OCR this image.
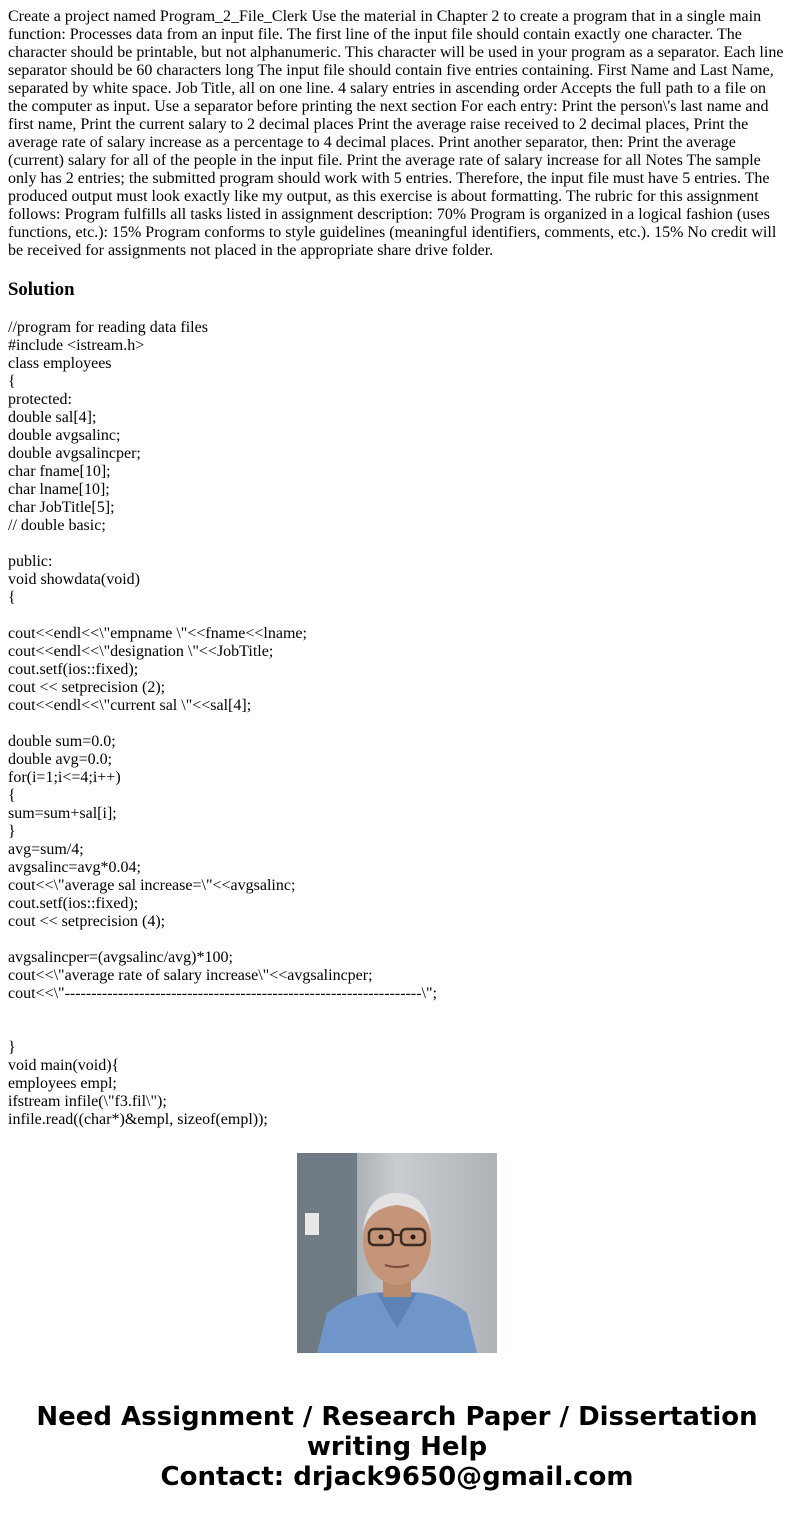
Create a project named Program_2_File_Clerk Use the material in Chapter 2 to create a program that in a single main function: Processes data from an input file. The first line of the input file should contain exactly one character. The character should be printable, but not alphanumeric. This character will be used in your program as a separator. Each line separator should be 60 characters long The input file should contain five entries containing. First Name and Last Name, separated by white space. Job Title, all on one line. 4 salary entries in ascending order Accepts the full path to a file on the computer as input. Use a separator before printing the next section For each entry: Print the person\'s last name and first name, Print the current salary to 2 decimal places Print the average raise received to 2 decimal places, Print the average rate of salary increase as a percentage to 4 decimal places. Print another separator, then: Print the average (current) salary for all of the people in the input file. Print the average rate of salary increase for all Notes The sample only has 2 entries; the submitted program should work with 5 entries. Therefore, the input file must have 5 entries. The produced output must look exactly like my output, as this exercise is about formatting. The rubric for this assignment follows: Program fulfills all tasks listed in assignment description: 70% Program is organized in a logical fashion (uses functions, etc.): 15% Program conforms to style guidelines (meaningful identifiers, comments, etc.). 15% No credit will be received for assignments not placed in the appropriate share drive folder.

Solution
//program for reading data files
#include <istream.h>
class employees
{
protected:
double sal[4];
double avgsalinc;
double avgsalincper;
char fname[10];
char lname[10];
char JobTitle[5];
// double basic;
public:
void showdata(void)
{
cout<<endl<<\"empname \"<<fname<<lname;
cout<<endl<<\"designation \"<<JobTitle;
cout.setf(ios::fixed);
cout << setprecision (2);
cout<<endl<<\"current sal \"<<sal[4];
double sum=0.0;
double avg=0.0;
for(i=1;i<=4;i++)
{
sum=sum+sal[i];
}
avg=sum/4;
avgsalinc=avg*0.04;
cout<<\"average sal increase=\"<<avgsalinc;
cout.setf(ios::fixed);
cout << setprecision (4);
avgsalincper=(avgsalinc/avg)*100;
cout<<\"average rate of salary increase\"<<avgsalincper;
cout<<\"-------------------------------------------------------------------\";
}
void main(void){
employees empl;
ifstream infile(\"f3.fil\");
infile.read((char*)&empl, sizeof(empl));
Need Assignment / Research Paper / Dissertation
writing Help
Contact: drjack9650@gmail.com
